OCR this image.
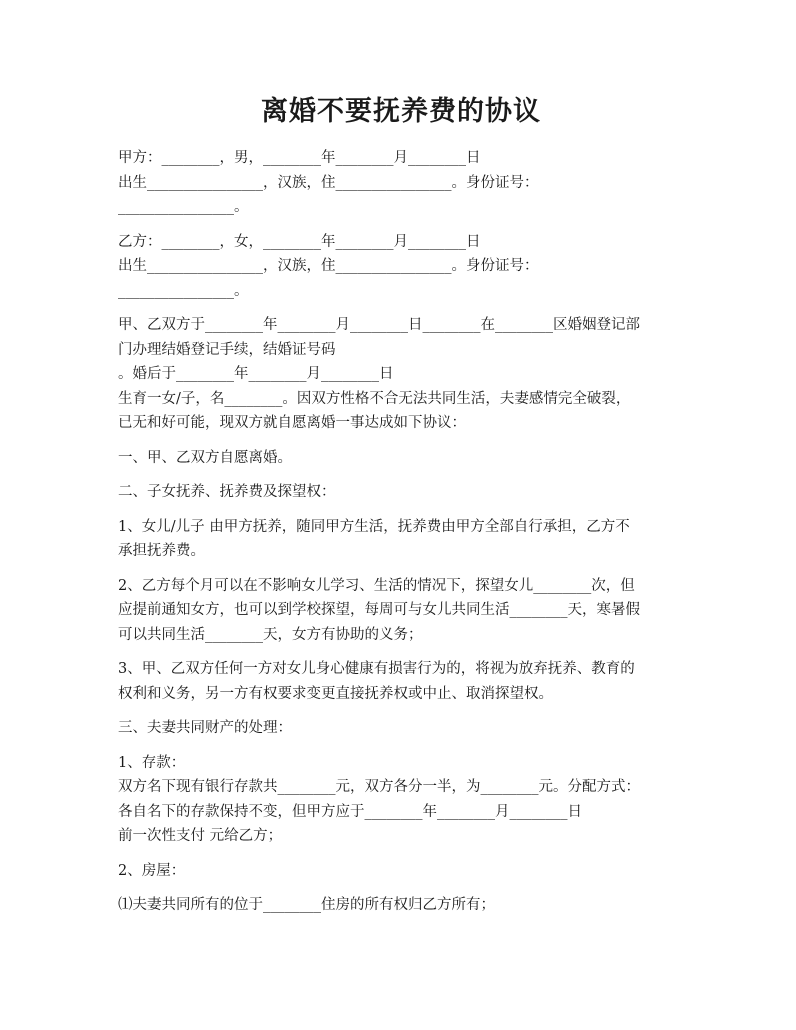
离婚不要抚养费的协议
甲方：________，男，________年________月________日
出生________________，汉族，住________________。身份证号：
________________。
乙方：________，女，________年________月________日
出生________________，汉族，住________________。身份证号：
________________。
甲、乙双方于________年________月________日________在________区婚姻登记部
门办理结婚登记手续，结婚证号码
。婚后于________年________月________日
生育一女/子，名________。因双方性格不合无法共同生活，夫妻感情完全破裂，
已无和好可能，现双方就自愿离婚一事达成如下协议：
一、甲、乙双方自愿离婚。
二、子女抚养、抚养费及探望权：
1、女儿/儿子 由甲方抚养，随同甲方生活，抚养费由甲方全部自行承担，乙方不
承担抚养费。
2、乙方每个月可以在不影响女儿学习、生活的情况下，探望女儿________次，但
应提前通知女方，也可以到学校探望，每周可与女儿共同生活________天，寒暑假
可以共同生活________天，女方有协助的义务；
3、甲、乙双方任何一方对女儿身心健康有损害行为的，将视为放弃抚养、教育的
权利和义务，另一方有权要求变更直接抚养权或中止、取消探望权。
三、夫妻共同财产的处理：
1、存款：
双方名下现有银行存款共________元，双方各分一半，为________元。分配方式：
各自名下的存款保持不变，但甲方应于________年________月________日
前一次性支付 元给乙方；
2、房屋：
⑴夫妻共同所有的位于________住房的所有权归乙方所有；
